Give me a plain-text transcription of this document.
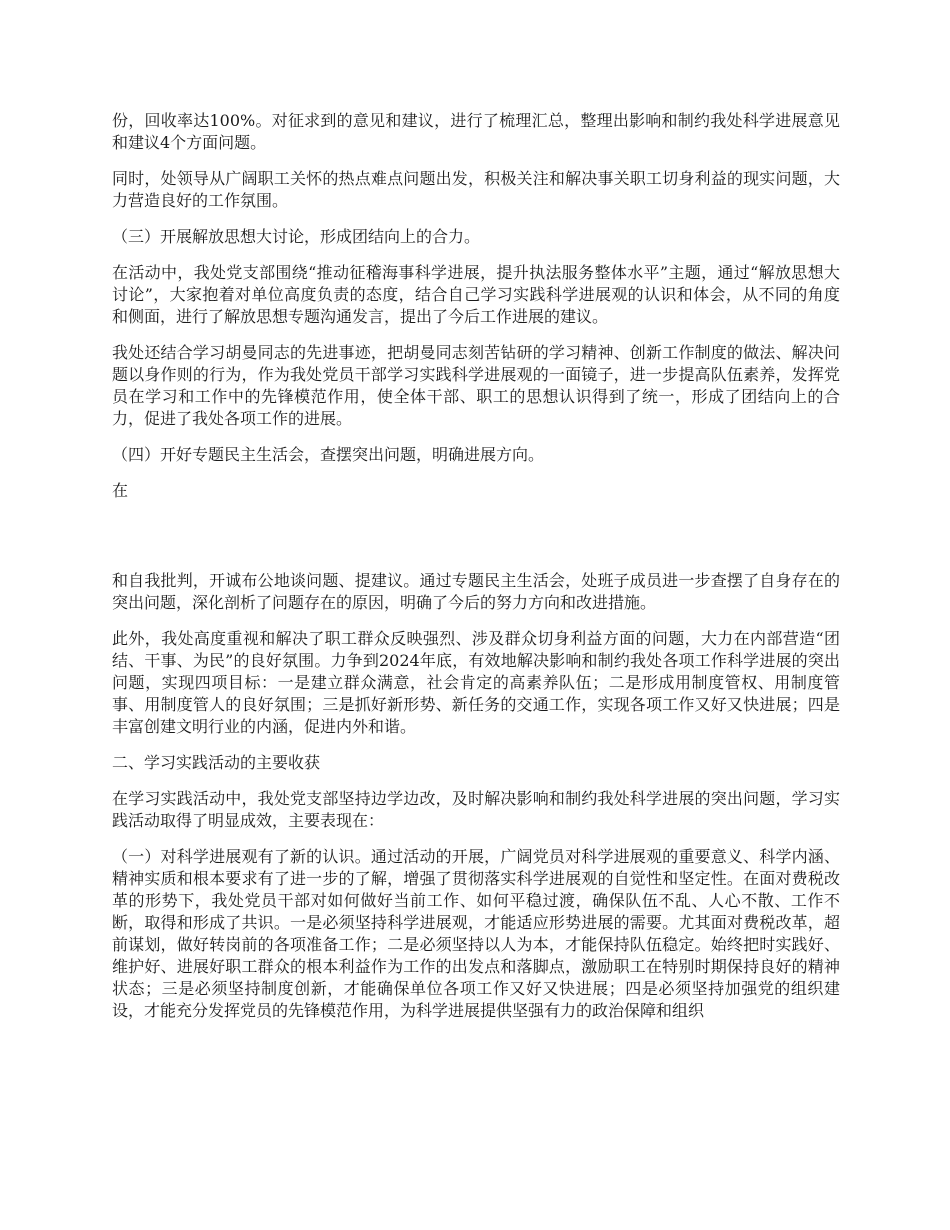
份，回收率达100%。对征求到的意见和建议，进行了梳理汇总，整理出影响和制约我处科学进展意见和建议4个方面问题。

同时，处领导从广阔职工关怀的热点难点问题出发，积极关注和解决事关职工切身利益的现实问题，大力营造良好的工作氛围。

（三）开展解放思想大讨论，形成团结向上的合力。

在活动中，我处党支部围绕“推动征稽海事科学进展，提升执法服务整体水平”主题，通过“解放思想大讨论”，大家抱着对单位高度负责的态度，结合自己学习实践科学进展观的认识和体会，从不同的角度和侧面，进行了解放思想专题沟通发言，提出了今后工作进展的建议。

我处还结合学习胡曼同志的先进事迹，把胡曼同志刻苦钻研的学习精神、创新工作制度的做法、解决问题以身作则的行为，作为我处党员干部学习实践科学进展观的一面镜子，进一步提高队伍素养，发挥党员在学习和工作中的先锋模范作用，使全体干部、职工的思想认识得到了统一，形成了团结向上的合力，促进了我处各项工作的进展。

（四）开好专题民主生活会，查摆突出问题，明确进展方向。

在

和自我批判，开诚布公地谈问题、提建议。通过专题民主生活会，处班子成员进一步查摆了自身存在的突出问题，深化剖析了问题存在的原因，明确了今后的努力方向和改进措施。

此外，我处高度重视和解决了职工群众反映强烈、涉及群众切身利益方面的问题，大力在内部营造“团结、干事、为民”的良好氛围。力争到2024年底，有效地解决影响和制约我处各项工作科学进展的突出问题，实现四项目标：一是建立群众满意，社会肯定的高素养队伍；二是形成用制度管权、用制度管事、用制度管人的良好氛围；三是抓好新形势、新任务的交通工作，实现各项工作又好又快进展；四是丰富创建文明行业的内涵，促进内外和谐。

二、学习实践活动的主要收获

在学习实践活动中，我处党支部坚持边学边改，及时解决影响和制约我处科学进展的突出问题，学习实践活动取得了明显成效，主要表现在：

（一）对科学进展观有了新的认识。通过活动的开展，广阔党员对科学进展观的重要意义、科学内涵、精神实质和根本要求有了进一步的了解，增强了贯彻落实科学进展观的自觉性和坚定性。在面对费税改革的形势下，我处党员干部对如何做好当前工作、如何平稳过渡，确保队伍不乱、人心不散、工作不断，取得和形成了共识。一是必须坚持科学进展观，才能适应形势进展的需要。尤其面对费税改革，超前谋划，做好转岗前的各项准备工作；二是必须坚持以人为本，才能保持队伍稳定。始终把时实践好、维护好、进展好职工群众的根本利益作为工作的出发点和落脚点，激励职工在特别时期保持良好的精神状态；三是必须坚持制度创新，才能确保单位各项工作又好又快进展；四是必须坚持加强党的组织建设，才能充分发挥党员的先锋模范作用，为科学进展提供坚强有力的政治保障和组织
